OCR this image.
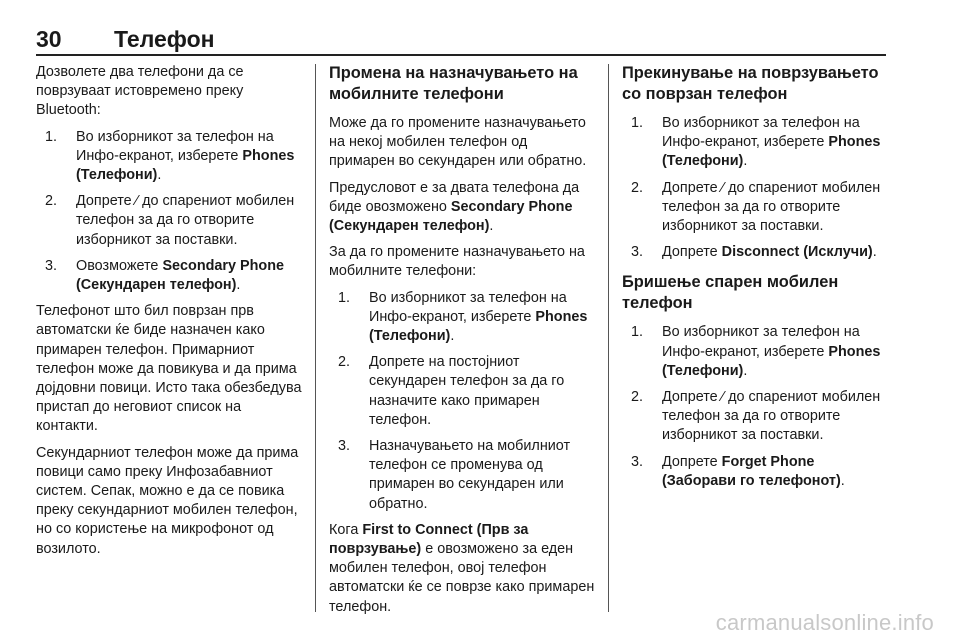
30 Телефон

Дозволете два телефони да се поврзуваат истовремено преку Bluetooth:

1. Во изборникот за телефон на Инфо-екранот, изберете Phones (Телефони).
2. Допрете ⁄ до спарениот мобилен телефон за да го отворите изборникот за поставки.
3. Овозможете Secondary Phone (Секундарен телефон).

Телефонот што бил поврзан прв автоматски ќе биде назначен како примарен телефон. Примарниот телефон може да повикува и да прима дојдовни повици. Исто така обезбедува пристап до неговиот список на контакти.

Секундарниот телефон може да прима повици само преку Инфозабавниот систем. Сепак, можно е да се повика преку секундарниот мобилен телефон, но со користење на микрофонот од возилото.

Промена на назначувањето на мобилните телефони

Може да го промените назначувањето на некој мобилен телефон од примарен во секундарен или обратно.

Предусловот е за двата телефона да биде овозможено Secondary Phone (Секундарен телефон).

За да го промените назначувањето на мобилните телефони:

1. Во изборникот за телефон на Инфо-екранот, изберете Phones (Телефони).
2. Допрете на постојниот секундарен телефон за да го назначите како примарен телефон.
3. Назначувањето на мобилниот телефон се променува од примарен во секундарен или обратно.

Кога First to Connect (Прв за поврзување) е овозможено за еден мобилен телефон, овој телефон автоматски ќе се поврзе како примарен телефон.

Прекинување на поврзувањето со поврзан телефон
1. Во изборникот за телефон на Инфо-екранот, изберете Phones (Телефони).
2. Допрете ⁄ до спарениот мобилен телефон за да го отворите изборникот за поставки.
3. Допрете Disconnect (Исклучи).
Бришење спарен мобилен телефон
1. Во изборникот за телефон на Инфо-екранот, изберете Phones (Телефони).
2. Допрете ⁄ до спарениот мобилен телефон за да го отворите изборникот за поставки.
3. Допрете Forget Phone (Заборави го телефонот).
carmanualsonline.info
